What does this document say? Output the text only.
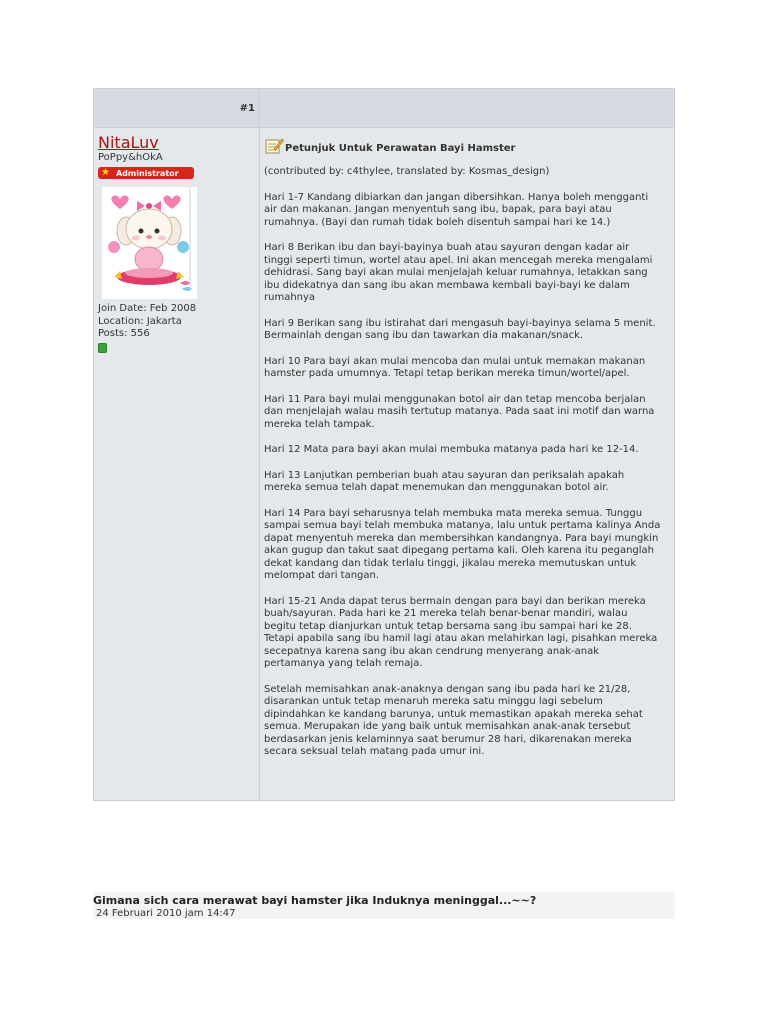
#1
NitaLuv
PoPpy&hOkA
★ Administrator
Join Date: Feb 2008
Location: Jakarta
Posts: 556
Petunjuk Untuk Perawatan Bayi Hamster
(contributed by: c4thylee, translated by: Kosmas_design)
Hari 1-7 Kandang dibiarkan dan jangan dibersihkan. Hanya boleh mengganti
air dan makanan. Jangan menyentuh sang ibu, bapak, para bayi atau
rumahnya. (Bayi dan rumah tidak boleh disentuh sampai hari ke 14.)
Hari 8 Berikan ibu dan bayi-bayinya buah atau sayuran dengan kadar air
tinggi seperti timun, wortel atau apel. Ini akan mencegah mereka mengalami
dehidrasi. Sang bayi akan mulai menjelajah keluar rumahnya, letakkan sang
ibu didekatnya dan sang ibu akan membawa kembali bayi-bayi ke dalam
rumahnya
Hari 9 Berikan sang ibu istirahat dari mengasuh bayi-bayinya selama 5 menit.
Bermainlah dengan sang ibu dan tawarkan dia makanan/snack.
Hari 10 Para bayi akan mulai mencoba dan mulai untuk memakan makanan
hamster pada umumnya. Tetapi tetap berikan mereka timun/wortel/apel.
Hari 11 Para bayi mulai menggunakan botol air dan tetap mencoba berjalan
dan menjelajah walau masih tertutup matanya. Pada saat ini motif dan warna
mereka telah tampak.
Hari 12 Mata para bayi akan mulai membuka matanya pada hari ke 12-14.
Hari 13 Lanjutkan pemberian buah atau sayuran dan periksalah apakah
mereka semua telah dapat menemukan dan menggunakan botol air.
Hari 14 Para bayi seharusnya telah membuka mata mereka semua. Tunggu
sampai semua bayi telah membuka matanya, lalu untuk pertama kalinya Anda
dapat menyentuh mereka dan membersihkan kandangnya. Para bayi mungkin
akan gugup dan takut saat dipegang pertama kali. Oleh karena itu peganglah
dekat kandang dan tidak terlalu tinggi, jikalau mereka memutuskan untuk
melompat dari tangan.
Hari 15-21 Anda dapat terus bermain dengan para bayi dan berikan mereka
buah/sayuran. Pada hari ke 21 mereka telah benar-benar mandiri, walau
begitu tetap dianjurkan untuk tetap bersama sang ibu sampai hari ke 28.
Tetapi apabila sang ibu hamil lagi atau akan melahirkan lagi, pisahkan mereka
secepatnya karena sang ibu akan cendrung menyerang anak-anak
pertamanya yang telah remaja.
Setelah memisahkan anak-anaknya dengan sang ibu pada hari ke 21/28,
disarankan untuk tetap menaruh mereka satu minggu lagi sebelum
dipindahkan ke kandang barunya, untuk memastikan apakah mereka sehat
semua. Merupakan ide yang baik untuk memisahkan anak-anak tersebut
berdasarkan jenis kelaminnya saat berumur 28 hari, dikarenakan mereka
secara seksual telah matang pada umur ini.
Gimana sich cara merawat bayi hamster jika Induknya meninggal...~~?
24 Februari 2010 jam 14:47
